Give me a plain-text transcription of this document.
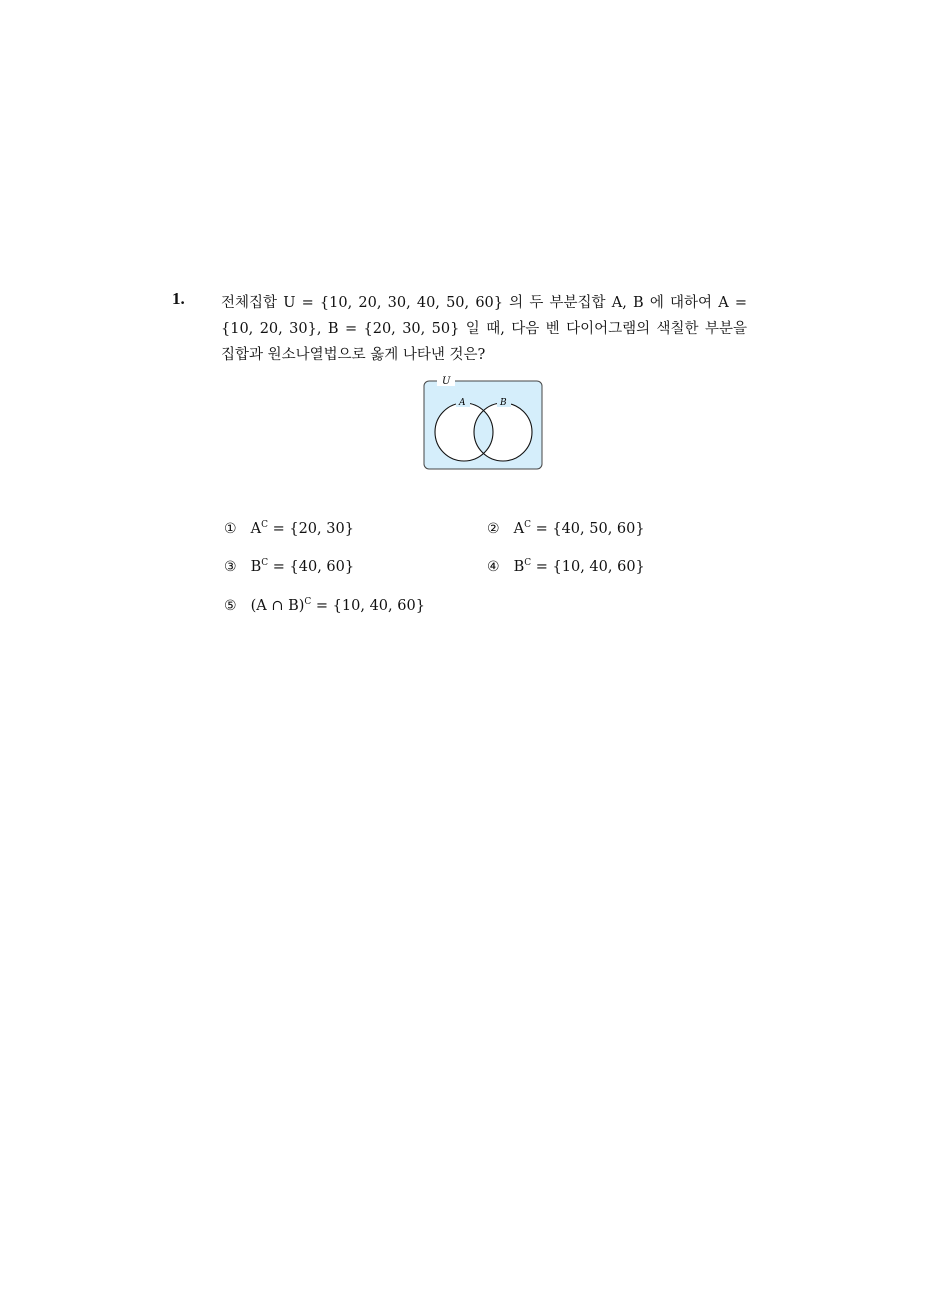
1.	전체집합 U = {10, 20, 30, 40, 50, 60} 의 두 부분집합 A, B 에 대하여 A =
{10, 20, 30}, B = {20, 30, 50} 일 때, 다음 벤 다이어그램의 색칠한 부분을
집합과 원소나열법으로 옳게 나타낸 것은?
U
A	B
① $A^C = \{20$, 30}	② $A^C = \{40$, 50, 60}
③ $B^C = \{40$, 60}	④ $B^C = \{10$, 40, 60}
⑤ (A ∩ B)$^C$ = {10, 40, 60}
